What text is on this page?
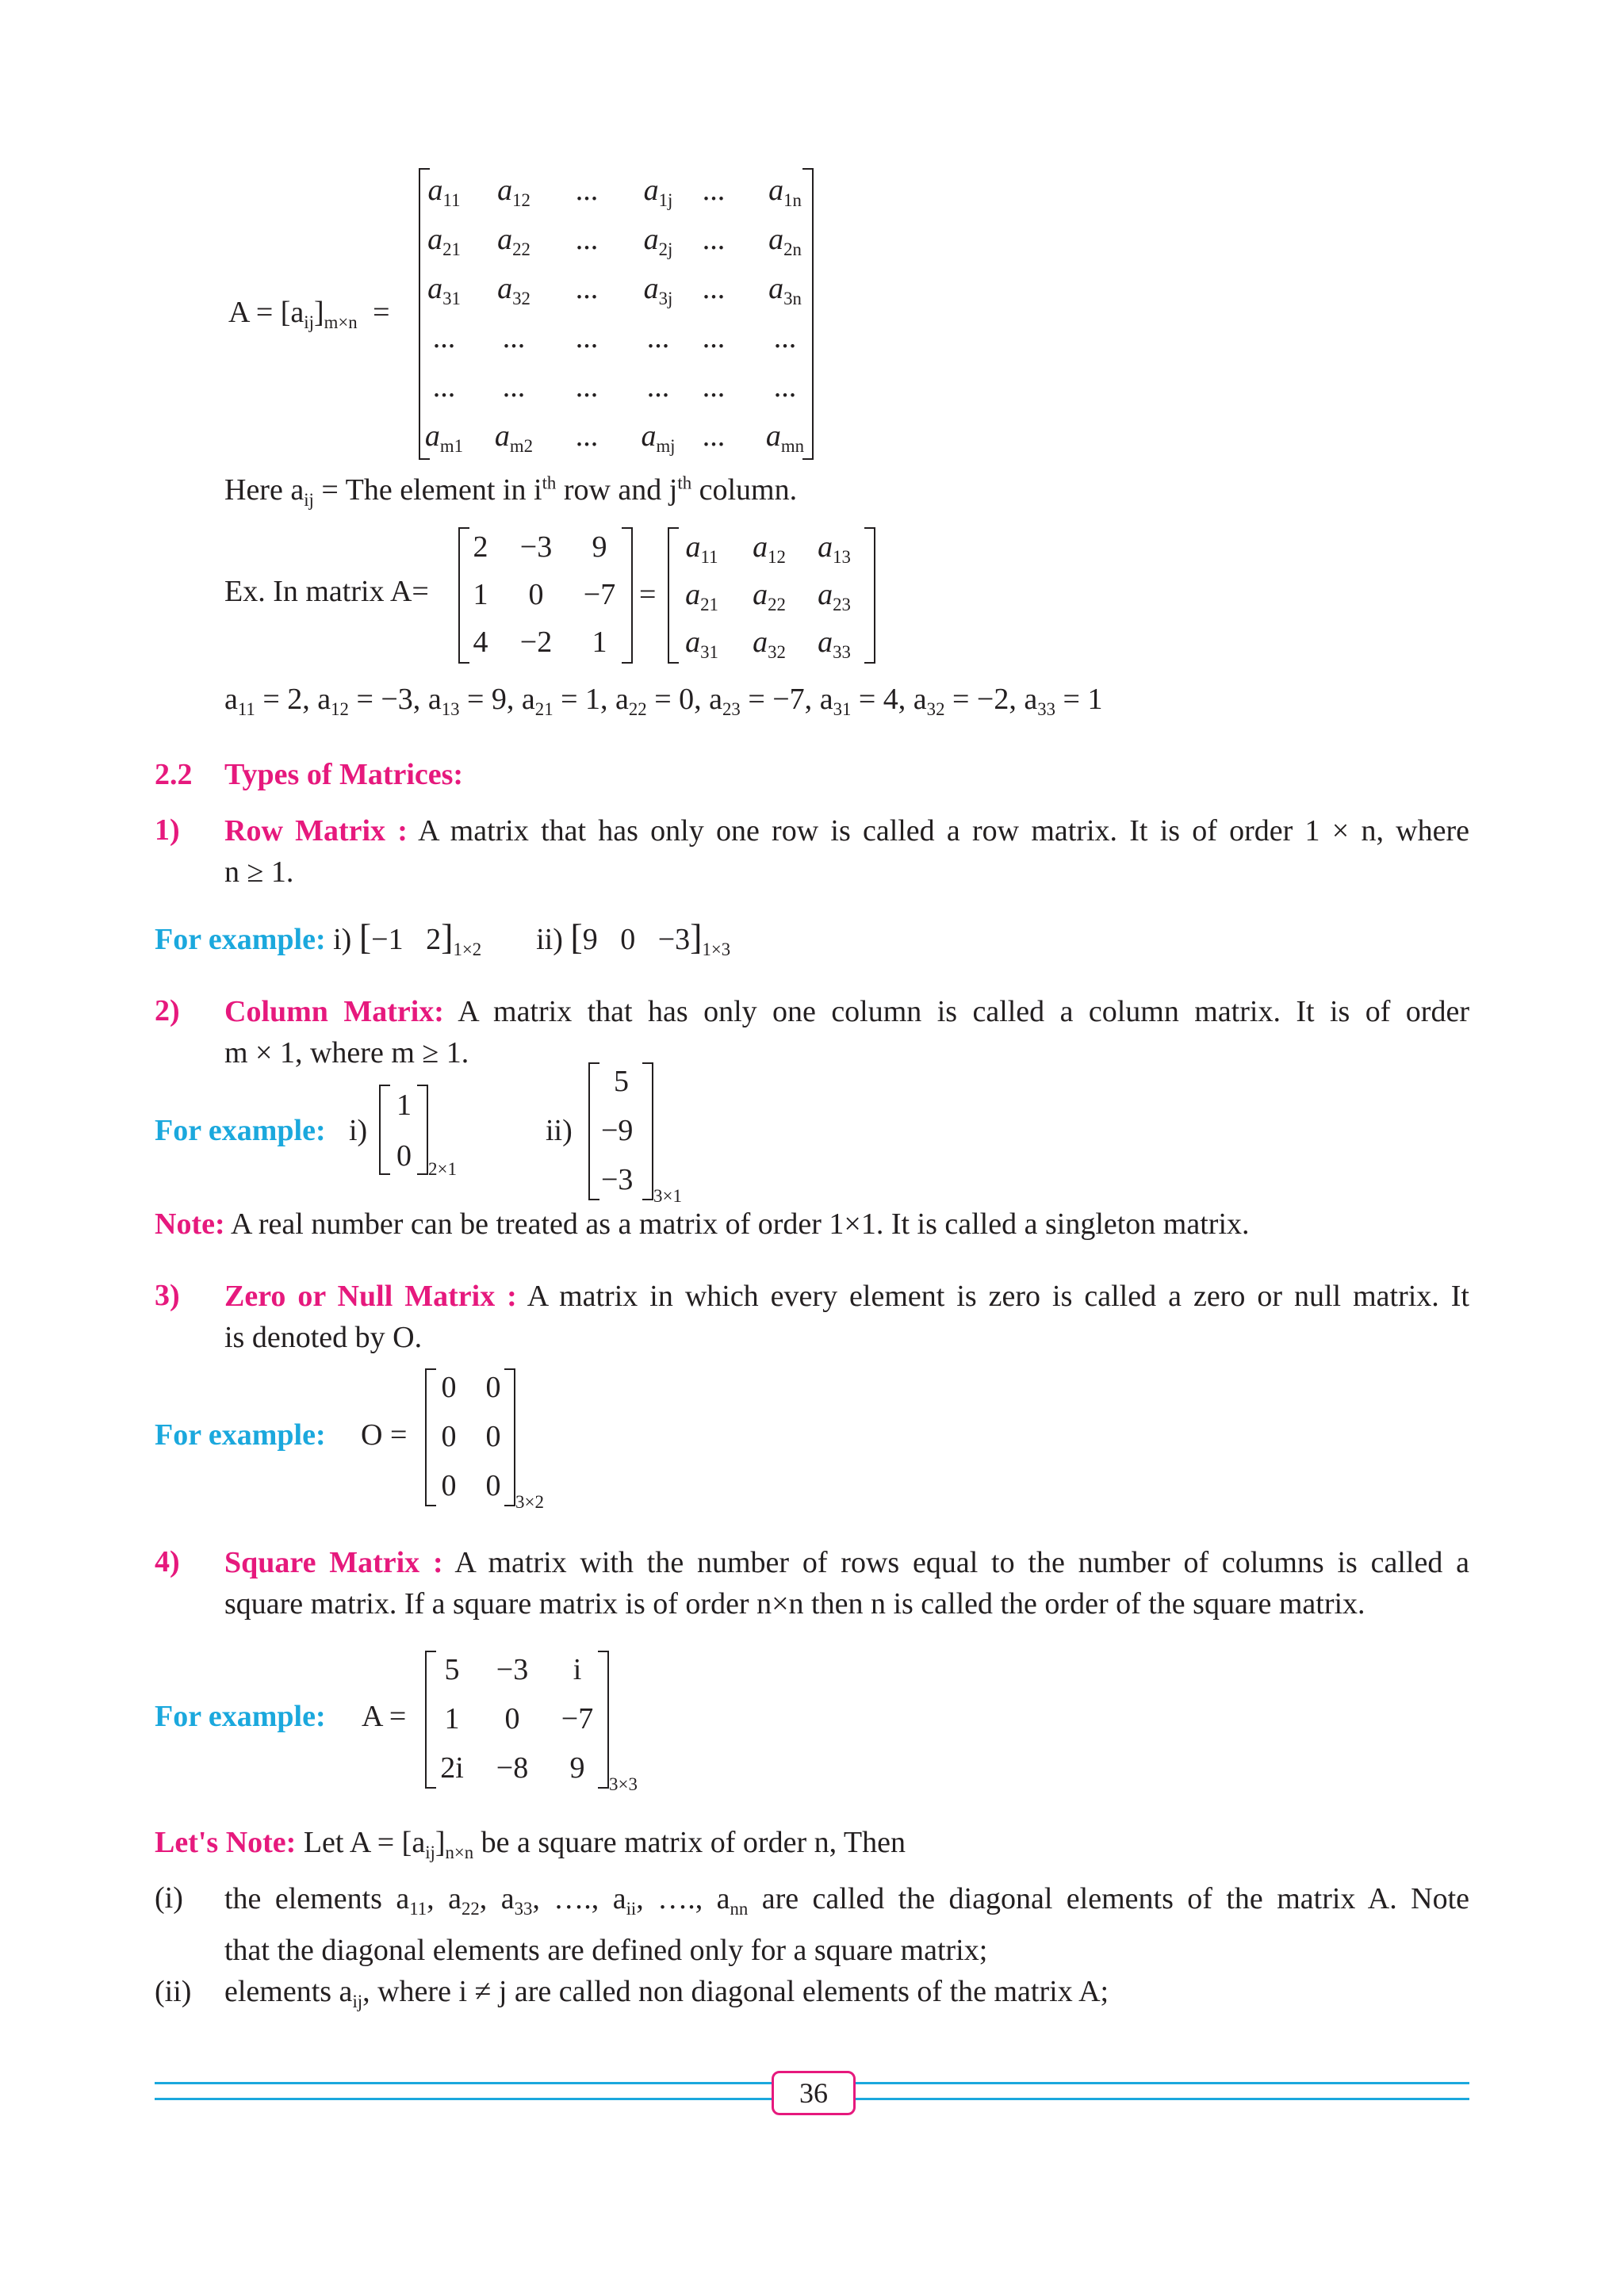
$A = [a_{ij}]_{m\times n}$ =
$a_{11}$	$a_{12}$	...	$a_{1j}$ ...	$a_{1n}$
$a_{21}$	$a_{22}$	...	$a_{2j}$ ...	$a_{2n}$
$a_{31}$	$a_{32}$	...	$a_{3j}$ ...	$a_{3n}$
...	...	...	...	...	...
...	...	...	...	...	...
$a_{m1}$	$a_{m2}$	...	$a_{mj}$ ...	$a_{mn}$
Here $a_{ij}$ = The element in $i^{th}$ row and $j^{th}$ column.
Ex. In matrix A=
2	−3	9
1	0	−7
4	−2	1
=
$a_{11}$	$a_{12}$	$a_{13}$
$a_{21}$	$a_{22}$	$a_{23}$
$a_{31}$	$a_{32}$	$a_{33}$
$a_{11} = 2$, $a_{12} = -3$, $a_{13} = 9$, $a_{21} = 1$, $a_{22} = 0$, $a_{23} = -7$, $a_{31} = 4$, $a_{32} = -2$, $a_{33} = 1$
2.2 Types of Matrices:
1) Row Matrix : A matrix that has only one row is called a row matrix. It is of order 1 × n, where
n ≥ 1.
For example: i) [−1   $2]_{1\times 2}$ ii) [9   $0 -3]_{1\times 3}$
2) Column Matrix: A matrix that has only one column is called a column matrix. It is of order
m × 1, where m ≥ 1.
For example: i)
1
0 2×1
ii)
5
−9
−3 3×1
Note: A real number can be treated as a matrix of order 1×1. It is called a singleton matrix.
3) Zero or Null Matrix : A matrix in which every element is zero is called a zero or null matrix. It
is denoted by O.
For example: O =
0 0
0 0
0 0 3×2
4) Square Matrix : A matrix with the number of rows equal to the number of columns is called a
square matrix. If a square matrix is of order n×n then n is called the order of the square matrix.
For example: A =
5	−3	i
1	0	−7
2i	−8	9	3×3
Let's Note: Let $A = [a_{ij}]_{n\times n}$ be a square matrix of order n, Then
(i) the elements $a_{11}$, $a_{22}$, $a_{33}$, …., $a_{ii}$, …., $a_{nn}$ are called the diagonal elements of the matrix A. Note
that the diagonal elements are defined only for a square matrix;
(ii) elements $a_{ij}$, where i ≠ j are called non diagonal elements of the matrix A;
36
